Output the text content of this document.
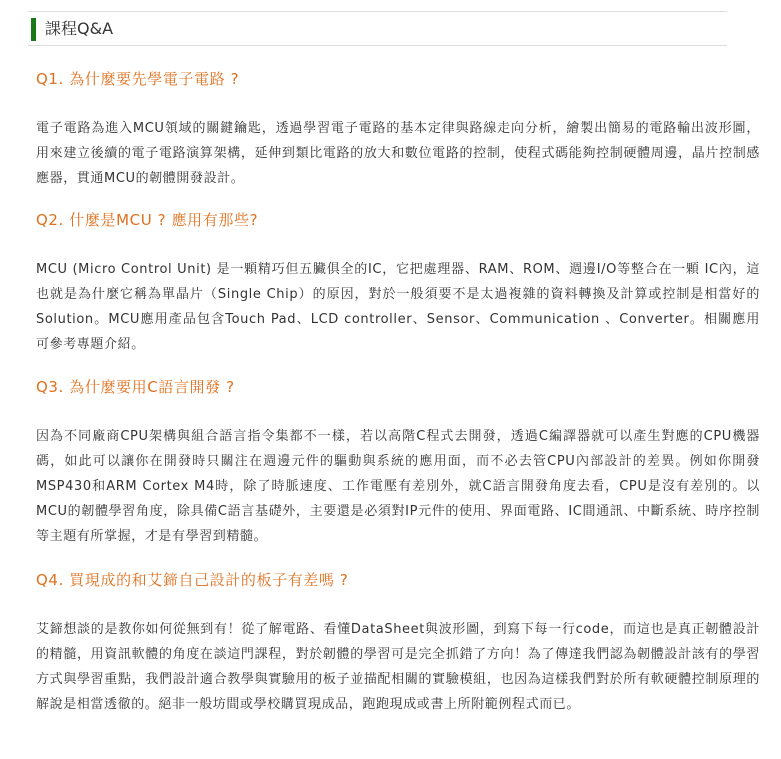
課程Q&A
Q1. 為什麼要先學電子電路 ?

電子電路為進入MCU領域的關鍵鑰匙，透過學習電子電路的基本定律與路線走向分析，繪製出簡易的電路輸出波形圖，用來建立後續的電子電路演算架構，延伸到類比電路的放大和數位電路的控制，使程式碼能夠控制硬體周邊，晶片控制感應器，貫通MCU的韌體開發設計。

Q2. 什麼是MCU ? 應用有那些?

MCU (Micro Control Unit) 是一顆精巧但五臟俱全的IC，它把處理器、RAM、ROM、週邊I/O等整合在一顆 IC內，這也就是為什麼它稱為單晶片（Single Chip）的原因，對於一般須要不是太過複雜的資料轉換及計算或控制是相當好的Solution。MCU應用產品包含Touch Pad、LCD controller、Sensor、Communication 、Converter。相關應用可參考專題介紹。

Q3. 為什麼要用C語言開發 ?

因為不同廠商CPU架構與組合語言指令集都不一樣，若以高階C程式去開發，透過C編譯器就可以產生對應的CPU機器碼，如此可以讓你在開發時只關注在週邊元件的驅動與系統的應用面，而不必去管CPU內部設計的差異。例如你開發MSP430和ARM Cortex M4時，除了時脈速度、工作電壓有差別外，就C語言開發角度去看，CPU是沒有差別的。以MCU的韌體學習角度，除具備C語言基礎外，主要還是必須對IP元件的使用、界面電路、IC間通訊、中斷系統、時序控制等主題有所掌握，才是有學習到精髓。

Q4. 買現成的和艾鍗自己設計的板子有差嗎 ?

艾鍗想談的是教你如何從無到有！從了解電路、看懂DataSheet與波形圖，到寫下每一行code，而這也是真正韌體設計的精髓，用資訊軟體的角度在談這門課程，對於韌體的學習可是完全抓錯了方向！為了傳達我們認為韌體設計該有的學習方式與學習重點，我們設計適合教學與實驗用的板子並描配相關的實驗模組，也因為這樣我們對於所有軟硬體控制原理的解說是相當透徹的。絕非一般坊間或學校購買現成品，跑跑現成或書上所附範例程式而已。
